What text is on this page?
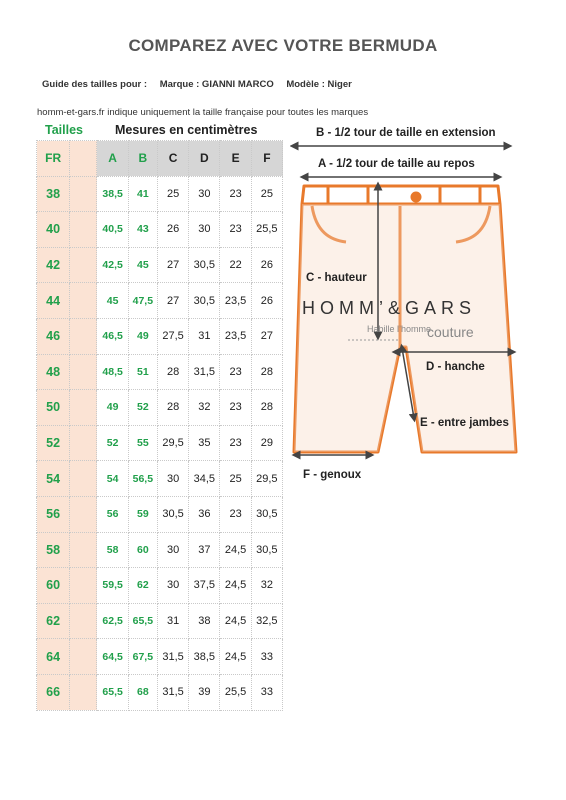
COMPAREZ AVEC VOTRE BERMUDA
Guide des tailles pour : Marque : GIANNI MARCO Modèle : Niger
homm-et-gars.fr indique uniquement la taille française pour toutes les marques
Tailles	Mesures en centimètres
FR		A	B	C	D	E	F
38		38,5	41	25	30	23	25
40		40,5	43	26	30	23	25,5
42		42,5	45	27	30,5	22	26
44		45	47,5	27	30,5	23,5	26
46		46,5	49	27,5	31	23,5	27
48		48,5	51	28	31,5	23	28
50		49	52	28	32	23	28
52		52	55	29,5	35	23	29
54		54	56,5	30	34,5	25	29,5
56		56	59	30,5	36	23	30,5
58		58	60	30	37	24,5	30,5
60		59,5	62	30	37,5	24,5	32
62		62,5	65,5	31	38	24,5	32,5
64		64,5	67,5	31,5	38,5	24,5	33
66		65,5	68	31,5	39	25,5	33
B - 1/2 tour de taille en extension
A - 1/2 tour de taille au repos
C - hauteur
D - hanche
E - entre jambes
F - genoux
HOMM’&GARS
Habille l’homme
couture
